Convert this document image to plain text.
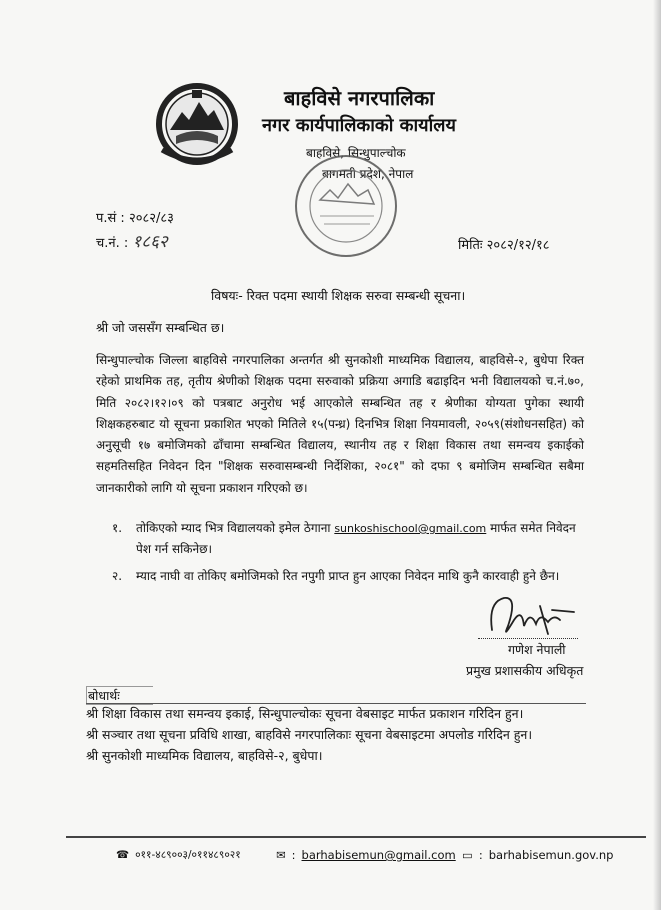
बाहविसे नगरपालिका
नगर कार्यपालिकाको कार्यालय
बाहविसे, सिन्धुपाल्चोक
बागमती प्रदेश, नेपाल
प.सं : २०८२/८३
च.नं. : १८६२	मितिः २०८२/१२/१८
विषयः- रिक्त पदमा स्थायी शिक्षक सरुवा सम्बन्धी सूचना।
श्री जो जससँग सम्बन्धित छ।
सिन्धुपाल्चोक जिल्ला बाहविसे नगरपालिका अन्तर्गत श्री सुनकोशी माध्यमिक विद्यालय, बाहविसे-२, बुधेपा रिक्त रहेको प्राथमिक तह, तृतीय श्रेणीको शिक्षक पदमा सरुवाको प्रक्रिया अगाडि बढाइदिन भनी विद्यालयको च.नं.७०, मिति २०८२।१२।०९ को पत्रबाट अनुरोध भई आएकोले सम्बन्धित तह र श्रेणीका योग्यता पुगेका स्थायी शिक्षकहरुबाट यो सूचना प्रकाशित भएको मितिले १५(पन्ध्र) दिनभित्र शिक्षा नियमावली, २०५९(संशोधनसहित) को अनुसूची १७ बमोजिमको ढाँचामा सम्बन्धित विद्यालय, स्थानीय तह र शिक्षा विकास तथा समन्वय इकाईको सहमतिसहित निवेदन दिन "शिक्षक सरुवासम्बन्धी निर्देशिका, २०८१" को दफा ९ बमोजिम सम्बन्धित सबैमा जानकारीको लागि यो सूचना प्रकाशन गरिएको छ।
१.	तोकिएको म्याद भित्र विद्यालयको इमेल ठेगाना sunkoshischool@gmail.com मार्फत समेत निवेदन पेश गर्न सकिनेछ।
२.	म्याद नाघी वा तोकिए बमोजिमको रित नपुगी प्राप्त हुन आएका निवेदन माथि कुनै कारवाही हुने छैन।
गणेश नेपाली
प्रमुख प्रशासकीय अधिकृत
बोधार्थः
श्री शिक्षा विकास तथा समन्वय इकाई, सिन्धुपाल्चोकः सूचना वेबसाइट मार्फत प्रकाशन गरिदिन हुन।
श्री सञ्चार तथा सूचना प्रविधि शाखा, बाहविसे नगरपालिकाः सूचना वेबसाइटमा अपलोड गरिदिन हुन।
श्री सुनकोशी माध्यमिक विद्यालय, बाहविसे-२, बुधेपा।
☎ ०११-४८९००३/०११४८९०२१	✉ : barhabisemun@gmail.com ▭ : barhabisemun.gov.np
